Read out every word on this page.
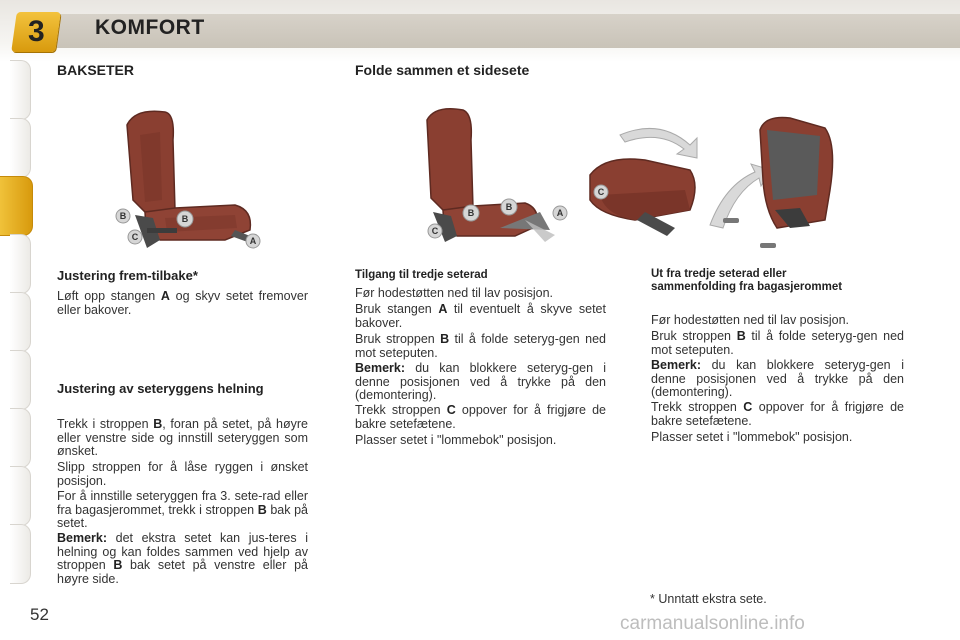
3 KOMFORT
BAKSETER	Folde sammen et sidesete
B	B
C	A
B
B
C
A
C
Justering frem-tilbake*
Løft opp stangen A og skyv setet fremover eller bakover.
Justering av seteryggens helning
Trekk i stroppen B, foran på setet, på høyre eller venstre side og innstill seteryggen som ønsket.
Slipp stroppen for å låse ryggen i ønsket posisjon.
For å innstille seteryggen fra 3. sete-rad eller fra bagasjerommet, trekk i stroppen B bak på setet.
Bemerk: det ekstra setet kan jus-teres i helning og kan foldes sammen ved hjelp av stroppen B bak setet på venstre eller på høyre side.
Tilgang til tredje seterad
Før hodestøtten ned til lav posisjon.
Bruk stangen A til eventuelt å skyve setet bakover.
Bruk stroppen B til å folde seteryg-gen ned mot seteputen.
Bemerk: du kan blokkere seteryg-gen i denne posisjonen ved å trykke på den (demontering).
Trekk stroppen C oppover for å frigjøre de bakre setefætene.
Plasser setet i "lommebok" posisjon.
Ut fra tredje seterad eller sammenfolding fra bagasjerommet
Før hodestøtten ned til lav posisjon.
Bruk stroppen B til å folde seteryg-gen ned mot seteputen.
Bemerk: du kan blokkere seteryg-gen i denne posisjonen ved å trykke på den (demontering).
Trekk stroppen C oppover for å frigjøre de bakre setefætene.
Plasser setet i "lommebok" posisjon.
* Unntatt ekstra sete.
52	carmanualsonline.info
